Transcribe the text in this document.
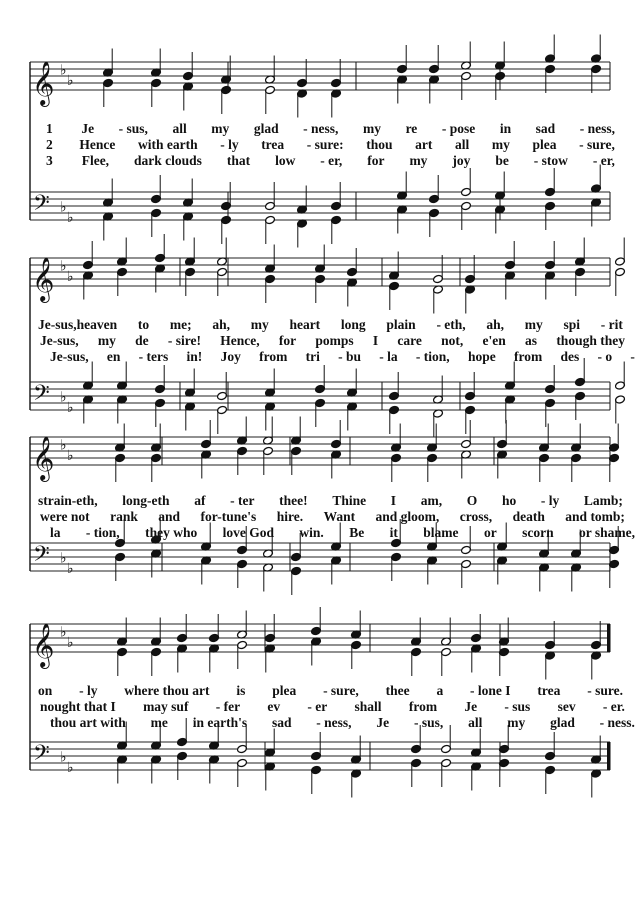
𝄞
𝄢
♭
♭
♭
♭
𝄞
𝄢
♭
♭
♭
♭
𝄞
𝄢
♭
♭
♭
♭
𝄞
𝄢
♭
♭
♭
♭
1 Je - sus, all my glad - ness, my re - pose in sad - ness,
2 Hence with earth - ly trea - sure: thou art all my plea - sure,
3 Flee, dark clouds that low - er, for my joy be - stow - er,
Je-sus,heaven to me; ah, my heart long plain - eth, ah, my spi - rit
Je-sus, my de - sire! Hence, for pomps I care not, e'en as though they
Je-sus, en - ters in! Joy from tri - bu - la - tion, hope from des - o -
strain-eth, long-eth af - ter thee! Thine I am, O ho - ly Lamb;
were not rank and for-tune's hire. Want and gloom, cross, death and tomb;
la - tion, they who love God win. Be it blame or scorn or shame,
on - ly where thou art is plea - sure, thee a - lone I trea - sure.
nought that I may suf - fer ev - er shall from Je - sus sev - er.
thou art with me in earth's sad - ness, Je - sus, all my glad - ness.
